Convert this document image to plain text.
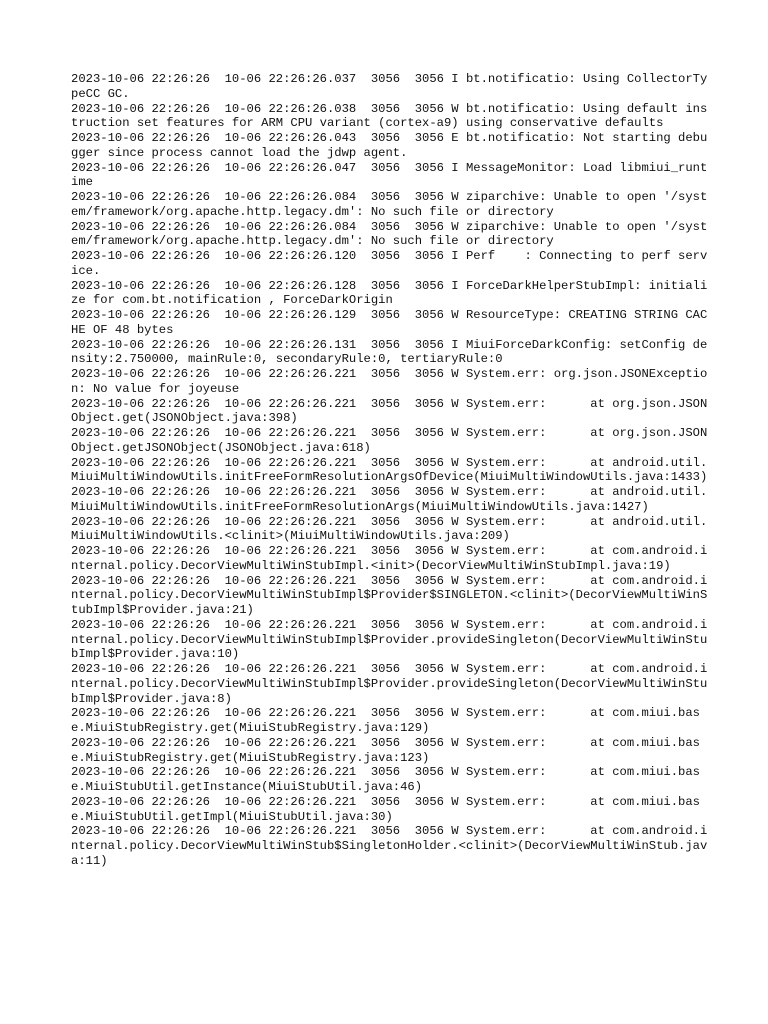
2023-10-06 22:26:26  10-06 22:26:26.037  3056  3056 I bt.notificatio: Using CollectorTypeCC GC.

2023-10-06 22:26:26  10-06 22:26:26.038  3056  3056 W bt.notificatio: Using default instruction set features for ARM CPU variant (cortex-a9) using conservative defaults

2023-10-06 22:26:26  10-06 22:26:26.043  3056  3056 E bt.notificatio: Not starting debugger since process cannot load the jdwp agent.

2023-10-06 22:26:26  10-06 22:26:26.047  3056  3056 I MessageMonitor: Load libmiui_runtime

2023-10-06 22:26:26  10-06 22:26:26.084  3056  3056 W ziparchive: Unable to open '/system/framework/org.apache.http.legacy.dm': No such file or directory

2023-10-06 22:26:26  10-06 22:26:26.084  3056  3056 W ziparchive: Unable to open '/system/framework/org.apache.http.legacy.dm': No such file or directory

2023-10-06 22:26:26  10-06 22:26:26.120  3056  3056 I Perf    : Connecting to perf service.

2023-10-06 22:26:26  10-06 22:26:26.128  3056  3056 I ForceDarkHelperStubImpl: initialize for com.bt.notification , ForceDarkOrigin

2023-10-06 22:26:26  10-06 22:26:26.129  3056  3056 W ResourceType: CREATING STRING CACHE OF 48 bytes

2023-10-06 22:26:26  10-06 22:26:26.131  3056  3056 I MiuiForceDarkConfig: setConfig density:2.750000, mainRule:0, secondaryRule:0, tertiaryRule:0

2023-10-06 22:26:26  10-06 22:26:26.221  3056  3056 W System.err: org.json.JSONException: No value for joyeuse

2023-10-06 22:26:26  10-06 22:26:26.221  3056  3056 W System.err:      at org.json.JSONObject.get(JSONObject.java:398)

2023-10-06 22:26:26  10-06 22:26:26.221  3056  3056 W System.err:      at org.json.JSONObject.getJSONObject(JSONObject.java:618)

2023-10-06 22:26:26  10-06 22:26:26.221  3056  3056 W System.err:      at android.util.MiuiMultiWindowUtils.initFreeFormResolutionArgsOfDevice(MiuiMultiWindowUtils.java:1433)

2023-10-06 22:26:26  10-06 22:26:26.221  3056  3056 W System.err:      at android.util.MiuiMultiWindowUtils.initFreeFormResolutionArgs(MiuiMultiWindowUtils.java:1427)

2023-10-06 22:26:26  10-06 22:26:26.221  3056  3056 W System.err:      at android.util.MiuiMultiWindowUtils.<clinit>(MiuiMultiWindowUtils.java:209)

2023-10-06 22:26:26  10-06 22:26:26.221  3056  3056 W System.err:      at com.android.internal.policy.DecorViewMultiWinStubImpl.<init>(DecorViewMultiWinStubImpl.java:19)

2023-10-06 22:26:26  10-06 22:26:26.221  3056  3056 W System.err:      at com.android.internal.policy.DecorViewMultiWinStubImpl$Provider$SINGLETON.<clinit>(DecorViewMultiWinStubImpl$Provider.java:21)

2023-10-06 22:26:26  10-06 22:26:26.221  3056  3056 W System.err:      at com.android.internal.policy.DecorViewMultiWinStubImpl$Provider.provideSingleton(DecorViewMultiWinStubImpl$Provider.java:10)

2023-10-06 22:26:26  10-06 22:26:26.221  3056  3056 W System.err:      at com.android.internal.policy.DecorViewMultiWinStubImpl$Provider.provideSingleton(DecorViewMultiWinStubImpl$Provider.java:8)

2023-10-06 22:26:26  10-06 22:26:26.221  3056  3056 W System.err:      at com.miui.base.MiuiStubRegistry.get(MiuiStubRegistry.java:129)

2023-10-06 22:26:26  10-06 22:26:26.221  3056  3056 W System.err:      at com.miui.base.MiuiStubRegistry.get(MiuiStubRegistry.java:123)

2023-10-06 22:26:26  10-06 22:26:26.221  3056  3056 W System.err:      at com.miui.base.MiuiStubUtil.getInstance(MiuiStubUtil.java:46)

2023-10-06 22:26:26  10-06 22:26:26.221  3056  3056 W System.err:      at com.miui.base.MiuiStubUtil.getImpl(MiuiStubUtil.java:30)

2023-10-06 22:26:26  10-06 22:26:26.221  3056  3056 W System.err:      at com.android.internal.policy.DecorViewMultiWinStub$SingletonHolder.<clinit>(DecorViewMultiWinStub.java:11)
